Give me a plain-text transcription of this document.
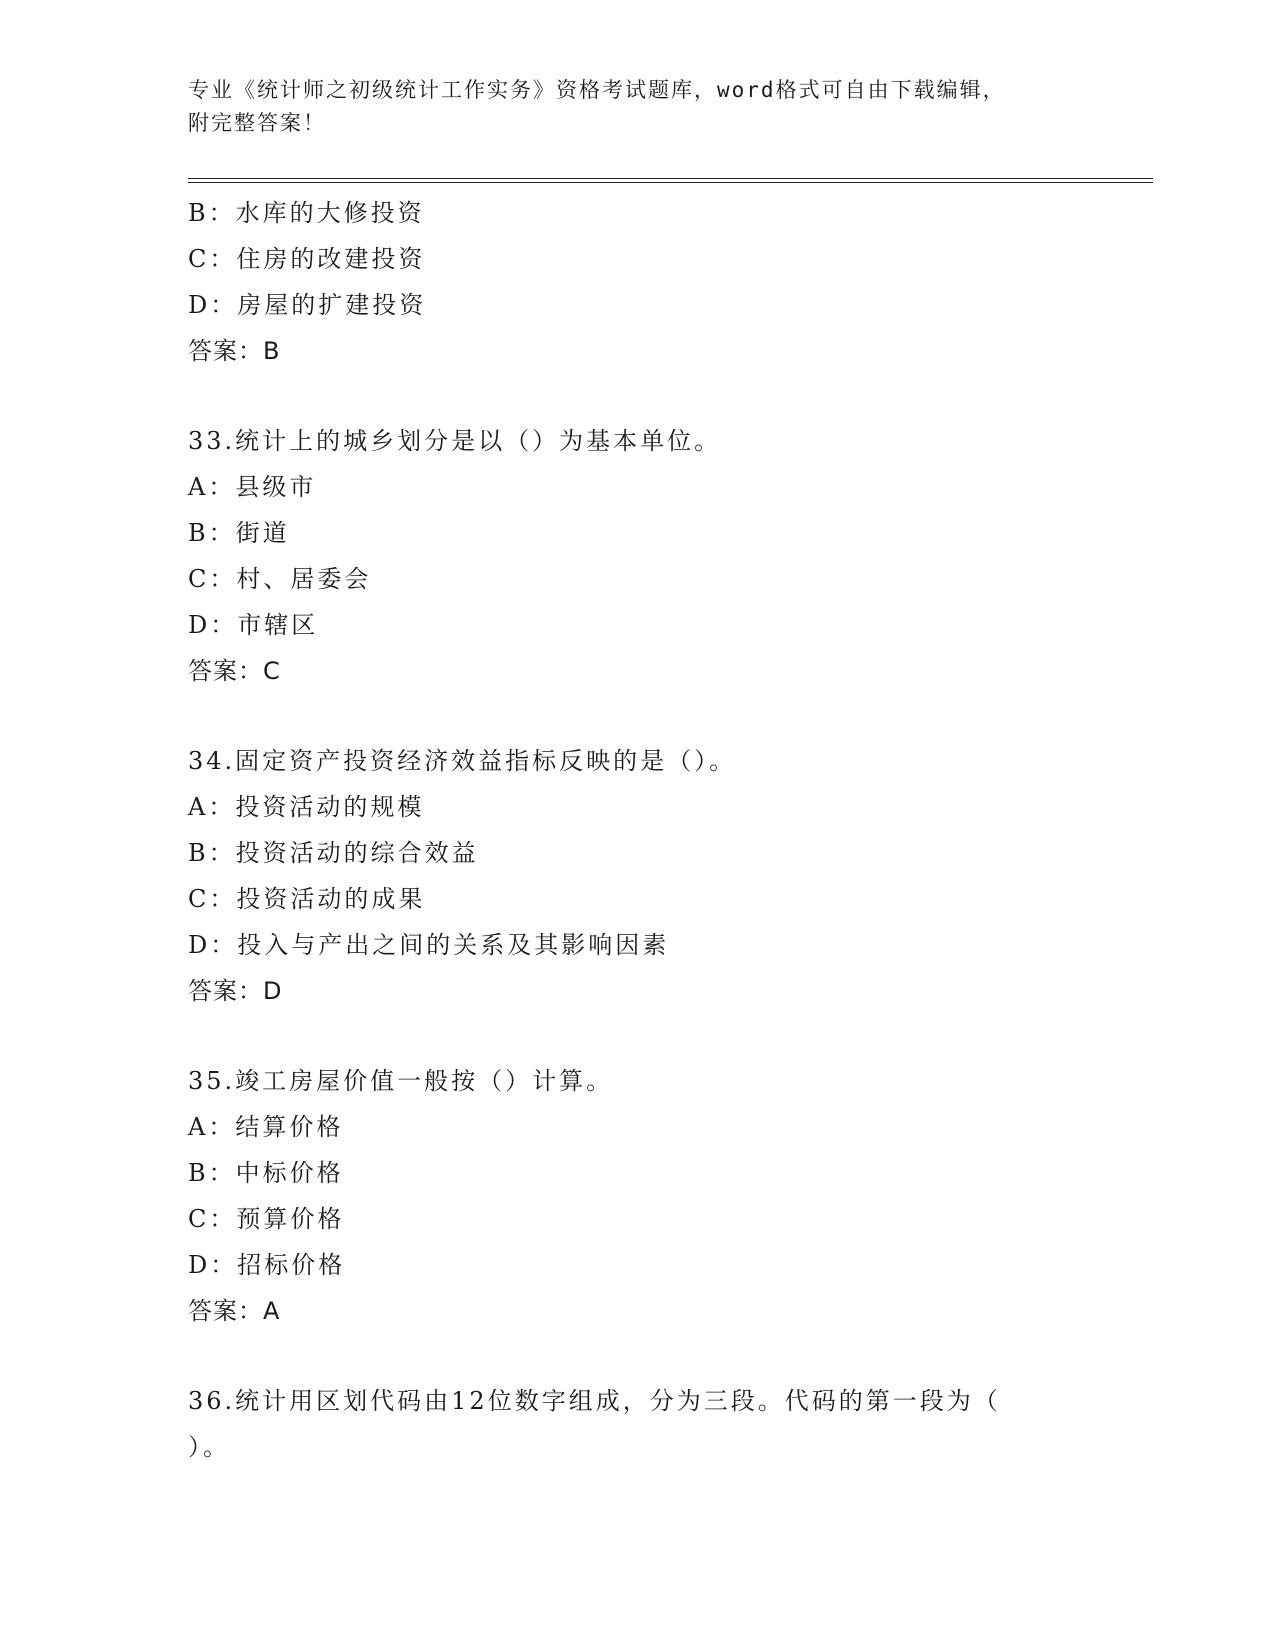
专业《统计师之初级统计工作实务》资格考试题库，word格式可自由下载编辑，
附完整答案！
B：水库的大修投资
C：住房的改建投资
D：房屋的扩建投资
答案：B
33.统计上的城乡划分是以（）为基本单位。
A：县级市
B：街道
C：村、居委会
D：市辖区
答案：C
34.固定资产投资经济效益指标反映的是（）。
A：投资活动的规模
B：投资活动的综合效益
C：投资活动的成果
D：投入与产出之间的关系及其影响因素
答案：D
35.竣工房屋价值一般按（）计算。
A：结算价格
B：中标价格
C：预算价格
D：招标价格
答案：A
36.统计用区划代码由12位数字组成，分为三段。代码的第一段为（
）。
